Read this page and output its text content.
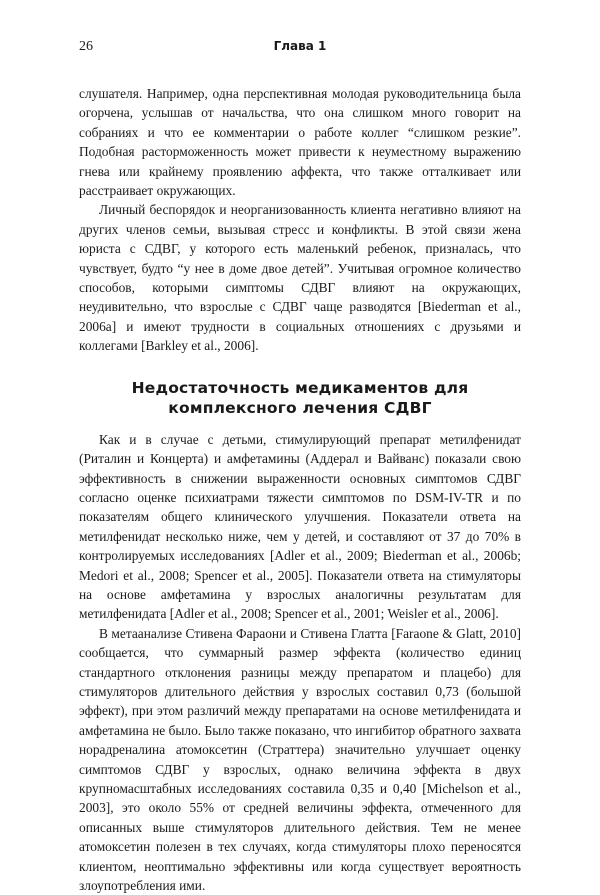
26	Глава 1

слушателя. Например, одна перспективная молодая руководительница была огорчена, услышав от начальства, что она слишком много говорит на собраниях и что ее комментарии о работе коллег “слишком резкие”. Подобная расторможенность может привести к неуместному выражению гнева или крайнему проявлению аффекта, что также отталкивает или расстраивает окружающих.

Личный беспорядок и неорганизованность клиента негативно влияют на других членов семьи, вызывая стресс и конфликты. В этой связи жена юриста с СДВГ, у которого есть маленький ребенок, призналась, что чувствует, будто “у нее в доме двое детей”. Учитывая огромное количество способов, которыми симптомы СДВГ влияют на окружающих, неудивительно, что взрослые с СДВГ чаще разводятся [Biederman et al., 2006a] и имеют трудности в социальных отношениях с друзьями и коллегами [Barkley et al., 2006].

Недостаточность медикаментов для комплексного лечения СДВГ

Как и в случае с детьми, стимулирующий препарат метилфенидат (Риталин и Концерта) и амфетамины (Аддерал и Вайванс) показали свою эффективность в снижении выраженности основных симптомов СДВГ согласно оценке психиатрами тяжести симптомов по DSM-IV-TR и по показателям общего клинического улучшения. Показатели ответа на метилфенидат несколько ниже, чем у детей, и составляют от 37 до 70% в контролируемых исследованиях [Adler et al., 2009; Biederman et al., 2006b; Medori et al., 2008; Spencer et al., 2005]. Показатели ответа на стимуляторы на основе амфетамина у взрослых аналогичны результатам для метилфенидата [Adler et al., 2008; Spencer et al., 2001; Weisler et al., 2006].

В метаанализе Стивена Фараони и Стивена Глатта [Faraone & Glatt, 2010] сообщается, что суммарный размер эффекта (количество единиц стандартного отклонения разницы между препаратом и плацебо) для стимуляторов длительного действия у взрослых составил 0,73 (большой эффект), при этом различий между препаратами на основе метилфенидата и амфетамина не было. Было также показано, что ингибитор обратного захвата норадреналина атомоксетин (Страттера) значительно улучшает оценку симптомов СДВГ у взрослых, однако величина эффекта в двух крупномасштабных исследованиях составила 0,35 и 0,40 [Michelson et al., 2003], это около 55% от средней величины эффекта, отмеченного для описанных выше стимуляторов длительного действия. Тем не менее атомоксетин полезен в тех случаях, когда стимуляторы плохо переносятся клиентом, неоптимально эффективны или когда существует вероятность злоупотребления ими.
